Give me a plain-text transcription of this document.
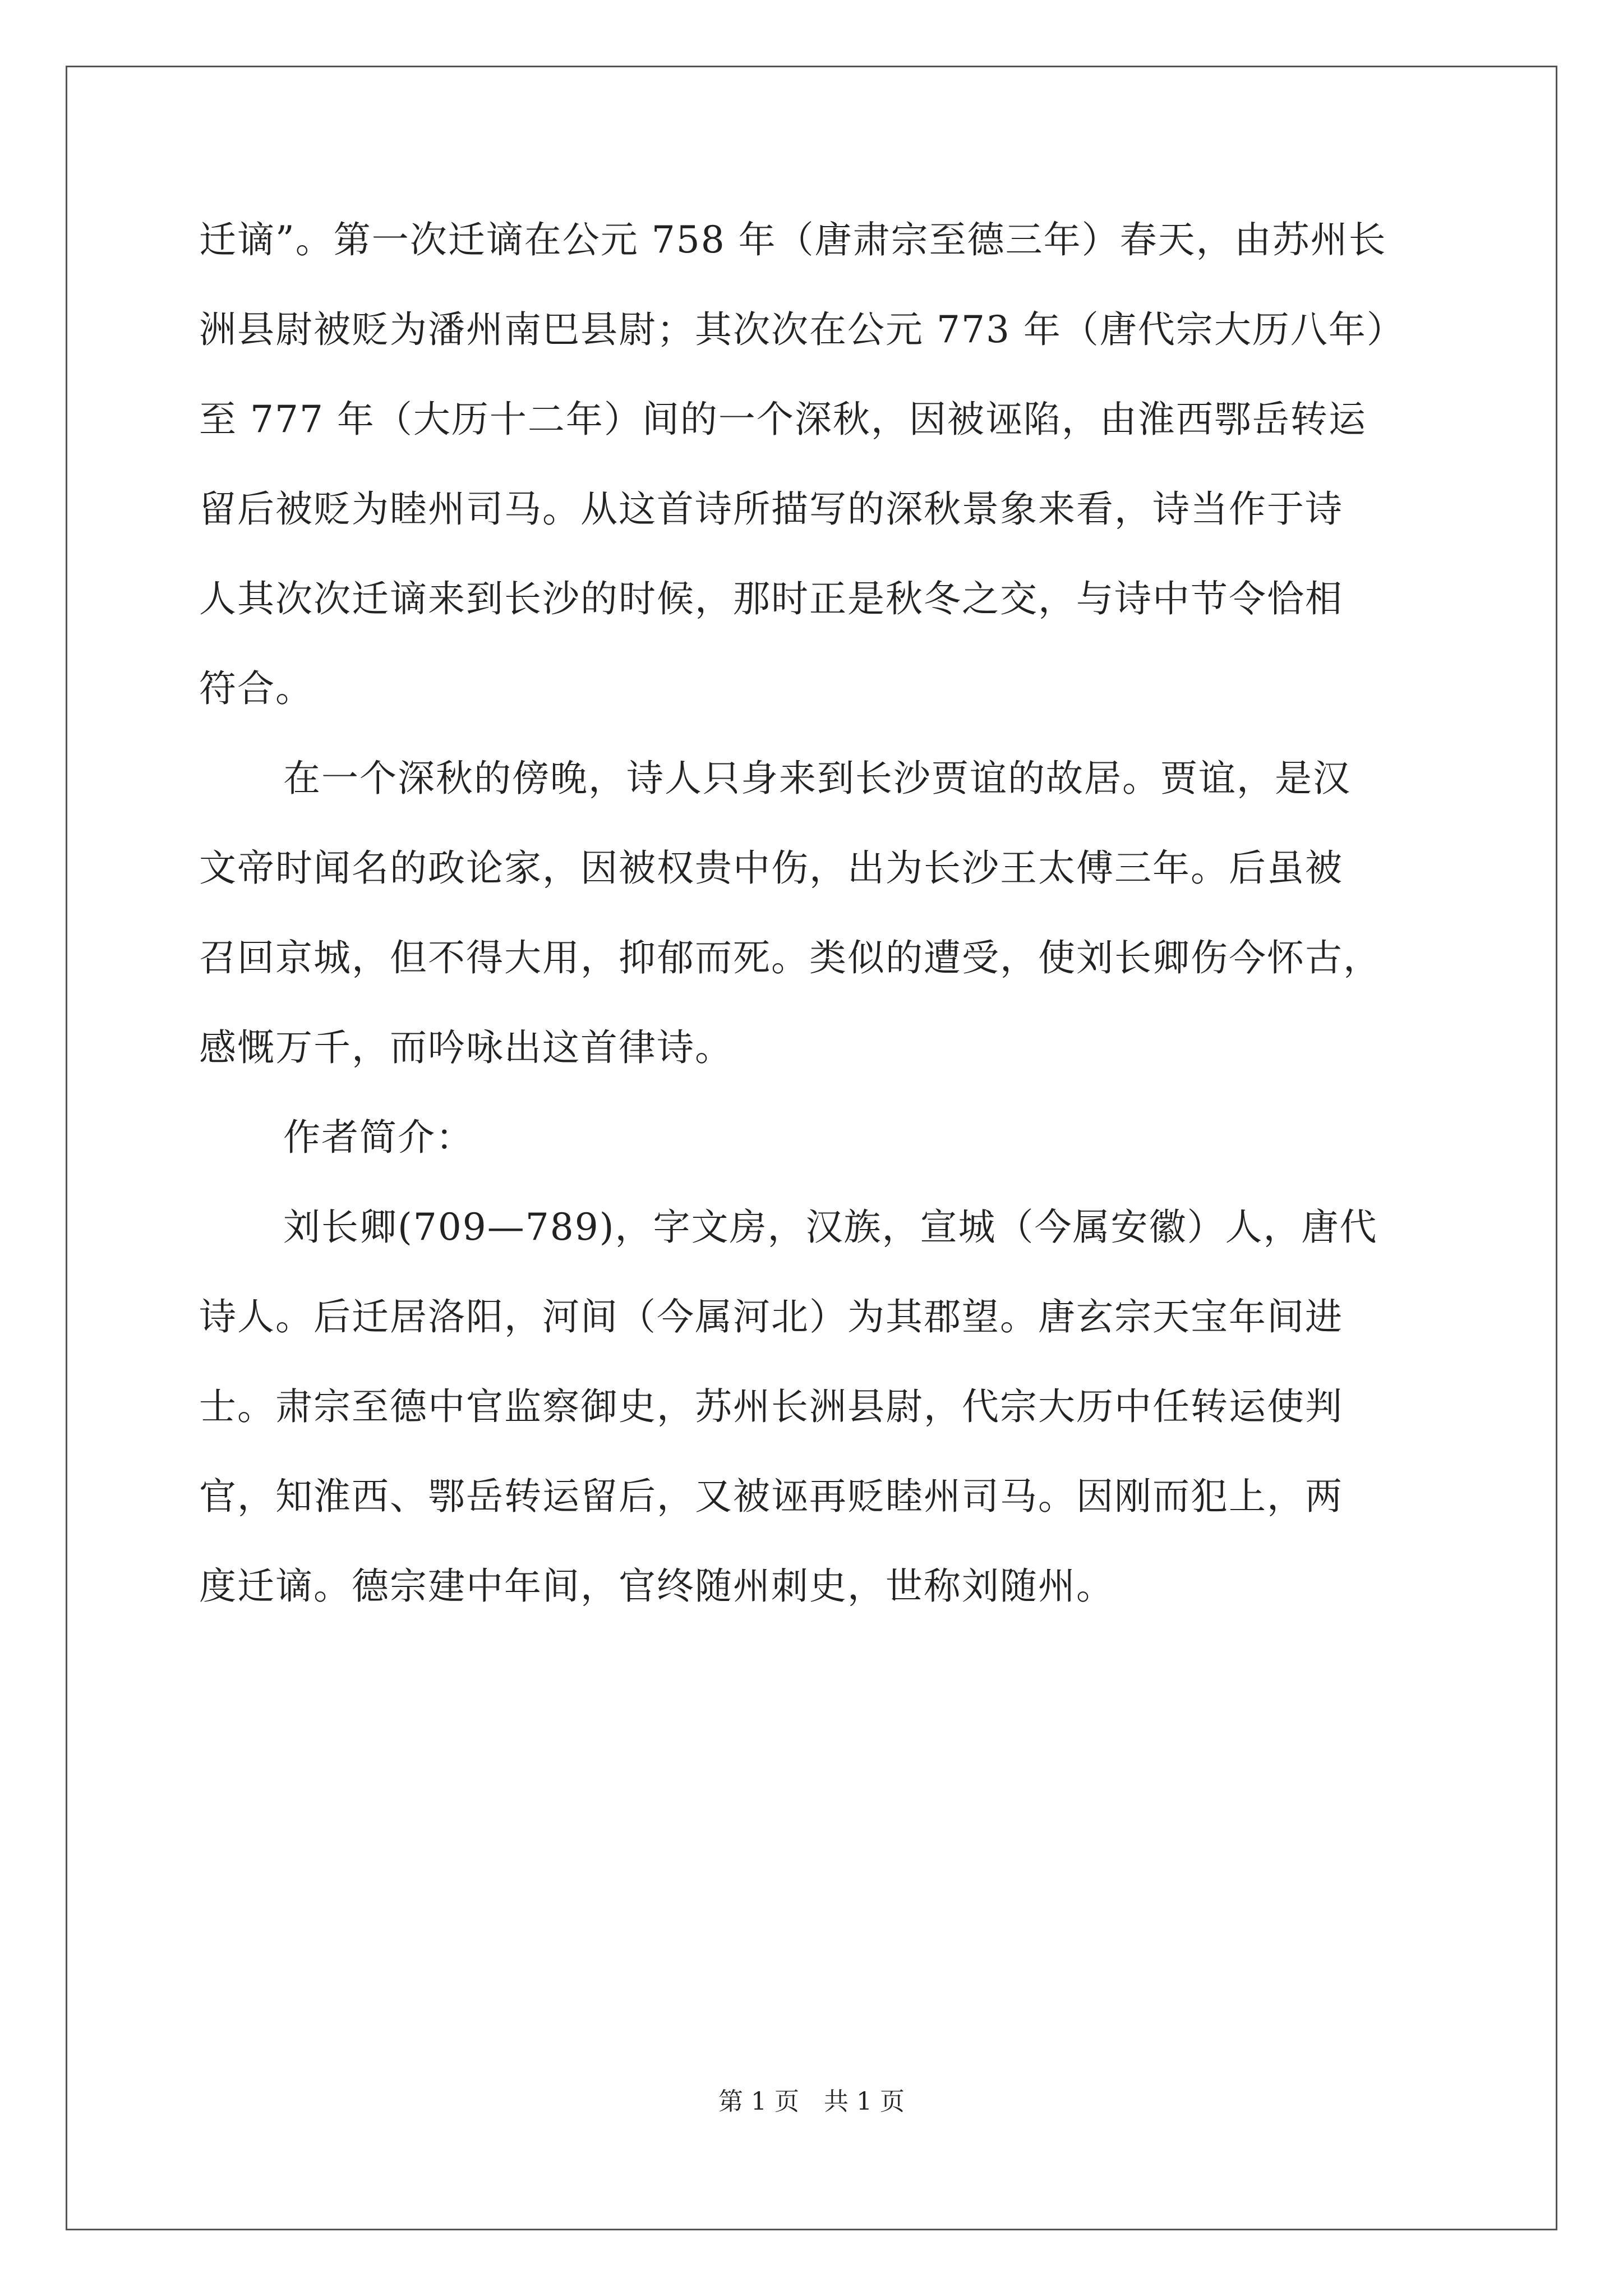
迁谪”。第一次迁谪在公元 758 年（唐肃宗至德三年）春天，由苏州长
洲县尉被贬为潘州南巴县尉；其次次在公元 773 年（唐代宗大历八年）
至 777 年（大历十二年）间的一个深秋，因被诬陷，由淮西鄂岳转运
留后被贬为睦州司马。从这首诗所描写的深秋景象来看，诗当作于诗
人其次次迁谪来到长沙的时候，那时正是秋冬之交，与诗中节令恰相
符合。
在一个深秋的傍晚，诗人只身来到长沙贾谊的故居。贾谊，是汉
文帝时闻名的政论家，因被权贵中伤，出为长沙王太傅三年。后虽被
召回京城，但不得大用，抑郁而死。类似的遭受，使刘长卿伤今怀古，
感慨万千，而吟咏出这首律诗。
作者简介：
刘长卿(709—789)，字文房，汉族，宣城（今属安徽）人，唐代
诗人。后迁居洛阳，河间（今属河北）为其郡望。唐玄宗天宝年间进
士。肃宗至德中官监察御史，苏州长洲县尉，代宗大历中任转运使判
官，知淮西、鄂岳转运留后，又被诬再贬睦州司马。因刚而犯上，两
度迁谪。德宗建中年间，官终随州刺史，世称刘随州。
第 1 页　共 1 页
